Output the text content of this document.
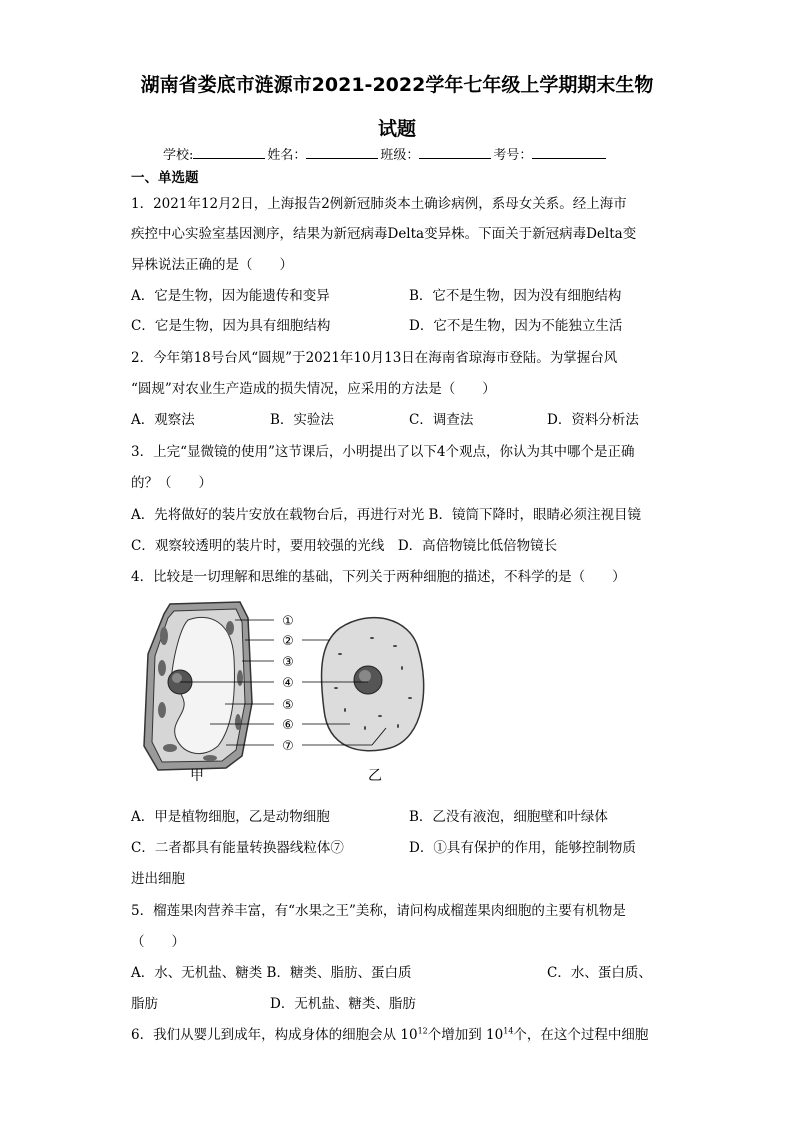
湖南省娄底市涟源市2021-2022学年七年级上学期期末生物
试题
学校:	姓名：	班级：	考号：
一、单选题
1．2021年12月2日，上海报告2例新冠肺炎本土确诊病例，系母女关系。经上海市
疾控中心实验室基因测序，结果为新冠病毒Delta变异株。下面关于新冠病毒Delta变
异株说法正确的是（　　）
A．它是生物，因为能遗传和变异	B．它不是生物，因为没有细胞结构
C．它是生物，因为具有细胞结构	D．它不是生物，因为不能独立生活
2．今年第18号台风“圆规”于2021年10月13日在海南省琼海市登陆。为掌握台风
“圆规”对农业生产造成的损失情况，应采用的方法是（　　）
A．观察法	B．实验法	C．调查法	D．资料分析法
3．上完“显微镜的使用”这节课后，小明提出了以下4个观点，你认为其中哪个是正确
的？（　　）
A．先将做好的装片安放在载物台后，再进行对光 B．镜筒下降时，眼睛必须注视目镜
C．观察较透明的装片时，要用较强的光线　D．高倍物镜比低倍物镜长
4．比较是一切理解和思维的基础，下列关于两种细胞的描述，不科学的是（　　）
甲	乙
①
②
③
④
⑤
⑥
⑦
A．甲是植物细胞，乙是动物细胞	B．乙没有液泡，细胞壁和叶绿体
C．二者都具有能量转换器线粒体⑦	D．①具有保护的作用，能够控制物质
进出细胞
5．榴莲果肉营养丰富，有“水果之王”美称，请问构成榴莲果肉细胞的主要有机物是
（　　）
A．水、无机盐、糖类 B．糖类、脂肪、蛋白质	C．水、蛋白质、
脂肪	D．无机盐、糖类、脂肪
6．我们从婴儿到成年，构成身体的细胞会从 $10^{12}$个增加到 $10^{14}$个，在这个过程中细胞
